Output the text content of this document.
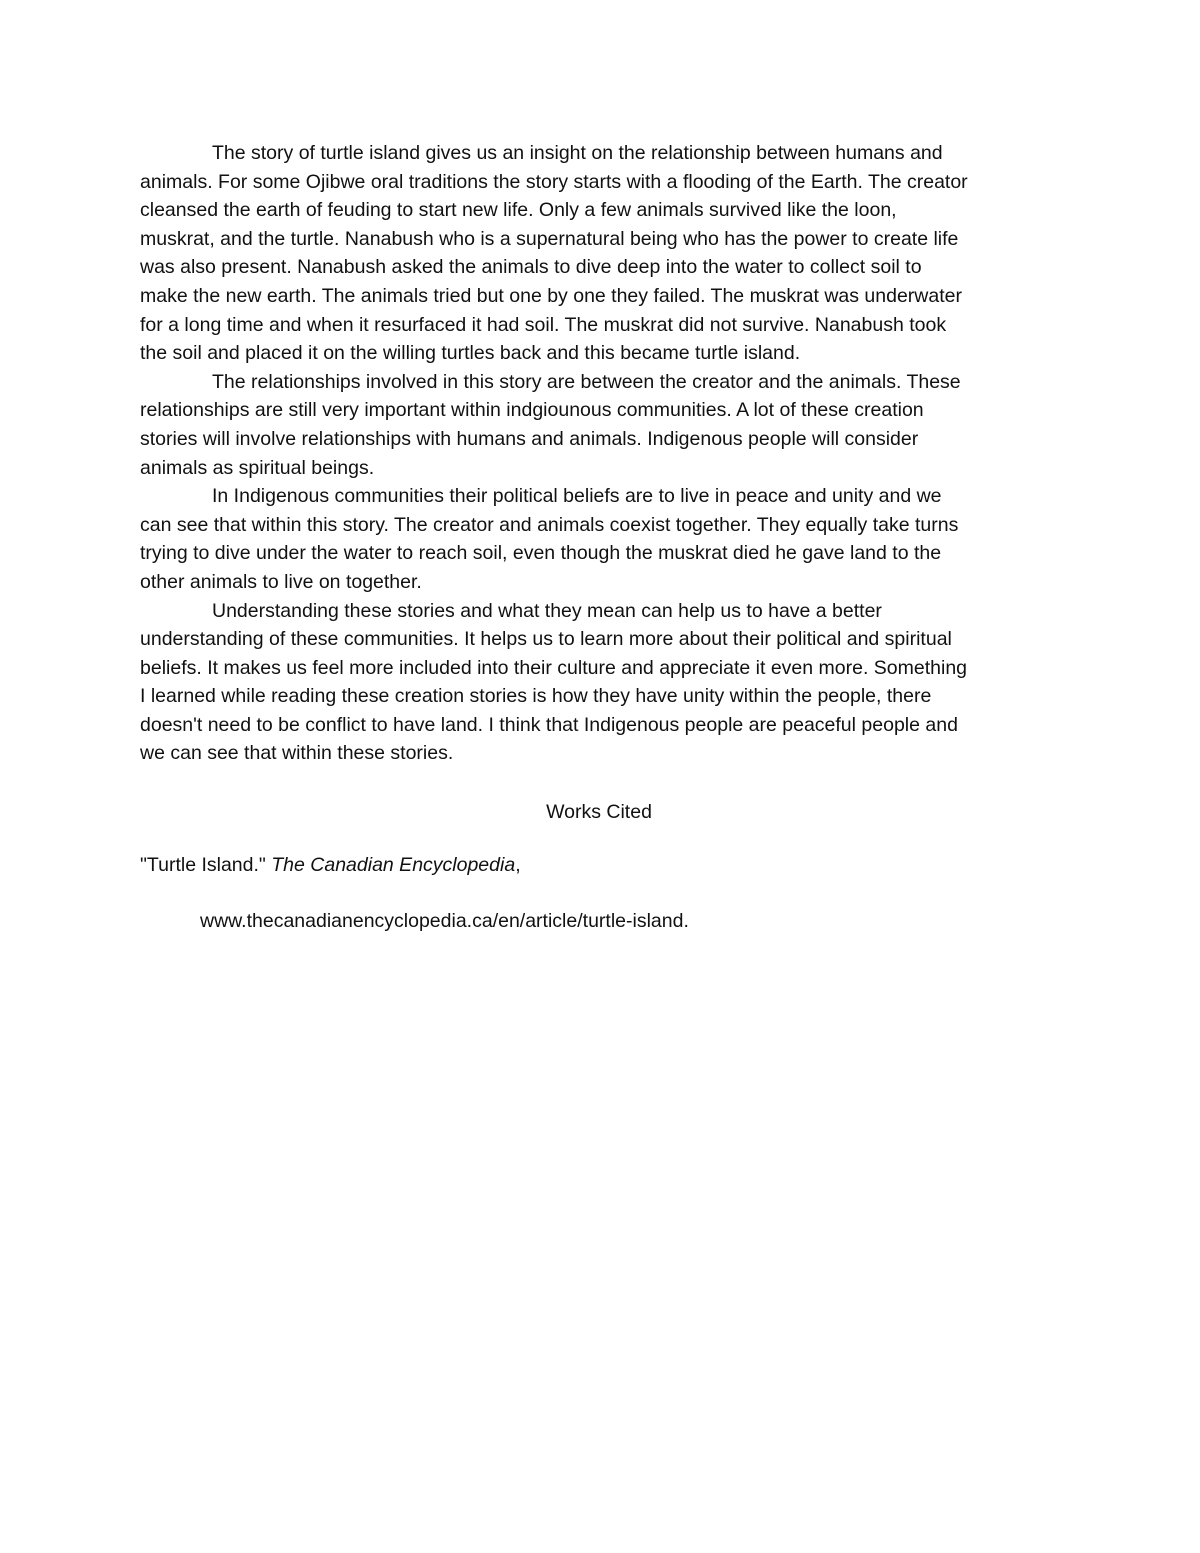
The story of turtle island gives us an insight on the relationship between humans and
animals. For some Ojibwe oral traditions the story starts with a flooding of the Earth. The creator
cleansed the earth of feuding to start new life. Only a few animals survived like the loon,
muskrat, and the turtle. Nanabush who is a supernatural being who has the power to create life
was also present. Nanabush asked the animals to dive deep into the water to collect soil to
make the new earth. The animals tried but one by one they failed. The muskrat was underwater
for a long time and when it resurfaced it had soil. The muskrat did not survive. Nanabush took
the soil and placed it on the willing turtles back and this became turtle island.

The relationships involved in this story are between the creator and the animals. These
relationships are still very important within indgiounous communities. A lot of these creation
stories will involve relationships with humans and animals. Indigenous people will consider
animals as spiritual beings.

In Indigenous communities their political beliefs are to live in peace and unity and we
can see that within this story. The creator and animals coexist together. They equally take turns
trying to dive under the water to reach soil, even though the muskrat died he gave land to the
other animals to live on together.

Understanding these stories and what they mean can help us to have a better
understanding of these communities. It helps us to learn more about their political and spiritual
beliefs. It makes us feel more included into their culture and appreciate it even more. Something
I learned while reading these creation stories is how they have unity within the people, there
doesn't need to be conflict to have land. I think that Indigenous people are peaceful people and
we can see that within these stories.

Works Cited

"Turtle Island." The Canadian Encyclopedia,

www.thecanadianencyclopedia.ca/en/article/turtle-island.
